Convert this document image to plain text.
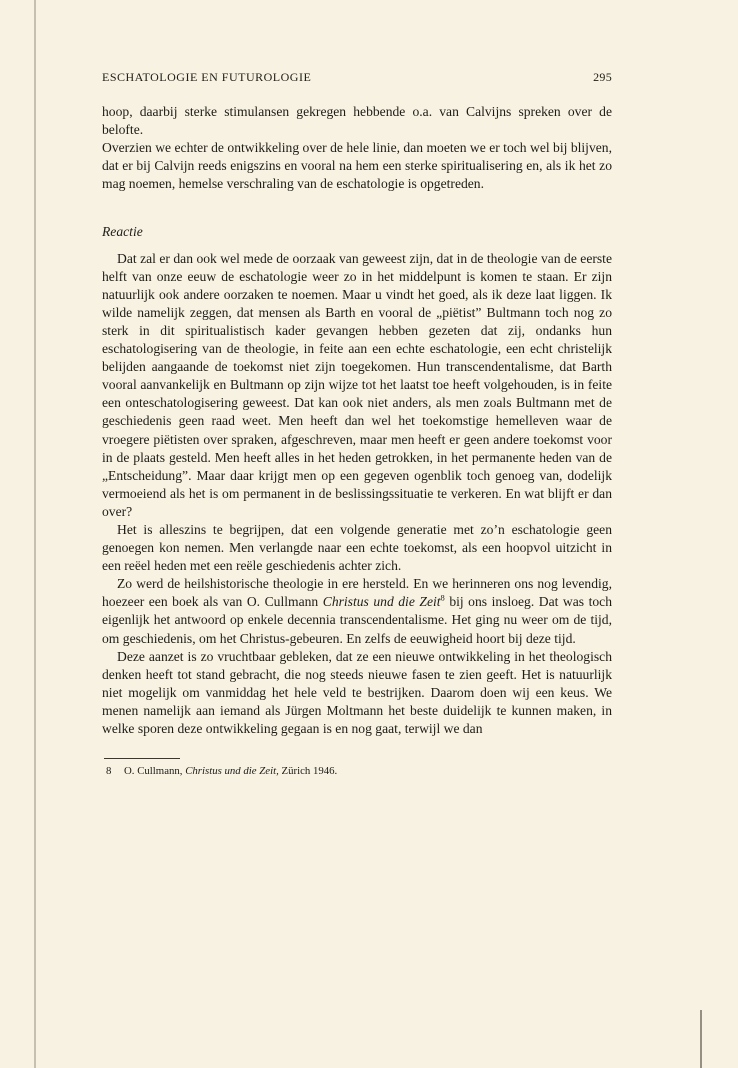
ESCHATOLOGIE EN FUTUROLOGIE	295

hoop, daarbij sterke stimulansen gekregen hebbende o.a. van Calvijns spreken over de belofte.

Overzien we echter de ontwikkeling over de hele linie, dan moeten we er toch wel bij blijven, dat er bij Calvijn reeds enigszins en vooral na hem een sterke spiritualisering en, als ik het zo mag noemen, hemelse verschraling van de eschatologie is opgetreden.

Reactie

Dat zal er dan ook wel mede de oorzaak van geweest zijn, dat in de theologie van de eerste helft van onze eeuw de eschatologie weer zo in het middelpunt is komen te staan. Er zijn natuurlijk ook andere oorzaken te noemen. Maar u vindt het goed, als ik deze laat liggen. Ik wilde namelijk zeggen, dat mensen als Barth en vooral de „piëtist” Bultmann toch nog zo sterk in dit spiritualistisch kader gevangen hebben gezeten dat zij, ondanks hun eschatologisering van de theologie, in feite aan een echte eschatologie, een echt christelijk belijden aangaande de toekomst niet zijn toegekomen. Hun transcendentalisme, dat Barth vooral aanvankelijk en Bultmann op zijn wijze tot het laatst toe heeft volgehouden, is in feite een onteschatologisering geweest. Dat kan ook niet anders, als men zoals Bultmann met de geschiedenis geen raad weet. Men heeft dan wel het toekomstige hemelleven waar de vroegere piëtisten over spraken, afgeschreven, maar men heeft er geen andere toekomst voor in de plaats gesteld. Men heeft alles in het heden getrokken, in het permanente heden van de „Entscheidung”. Maar daar krijgt men op een gegeven ogenblik toch genoeg van, dodelijk vermoeiend als het is om permanent in de beslissingssituatie te verkeren. En wat blijft er dan over?

Het is alleszins te begrijpen, dat een volgende generatie met zo’n eschatologie geen genoegen kon nemen. Men verlangde naar een echte toekomst, als een hoopvol uitzicht in een reëel heden met een reële geschiedenis achter zich.

Zo werd de heilshistorische theologie in ere hersteld. En we herinneren ons nog levendig, hoezeer een boek als van O. Cullmann Christus und die Zeit$^8$ bij ons insloeg. Dat was toch eigenlijk het antwoord op enkele decennia transcendentalisme. Het ging nu weer om de tijd, om geschiedenis, om het Christus-gebeuren. En zelfs de eeuwigheid hoort bij deze tijd.

Deze aanzet is zo vruchtbaar gebleken, dat ze een nieuwe ontwikkeling in het theologisch denken heeft tot stand gebracht, die nog steeds nieuwe fasen te zien geeft. Het is natuurlijk niet mogelijk om vanmiddag het hele veld te bestrijken. Daarom doen wij een keus. We menen namelijk aan iemand als Jürgen Moltmann het beste duidelijk te kunnen maken, in welke sporen deze ontwikkeling gegaan is en nog gaat, terwijl we dan

8 O. Cullmann, Christus und die Zeit, Zürich 1946.
